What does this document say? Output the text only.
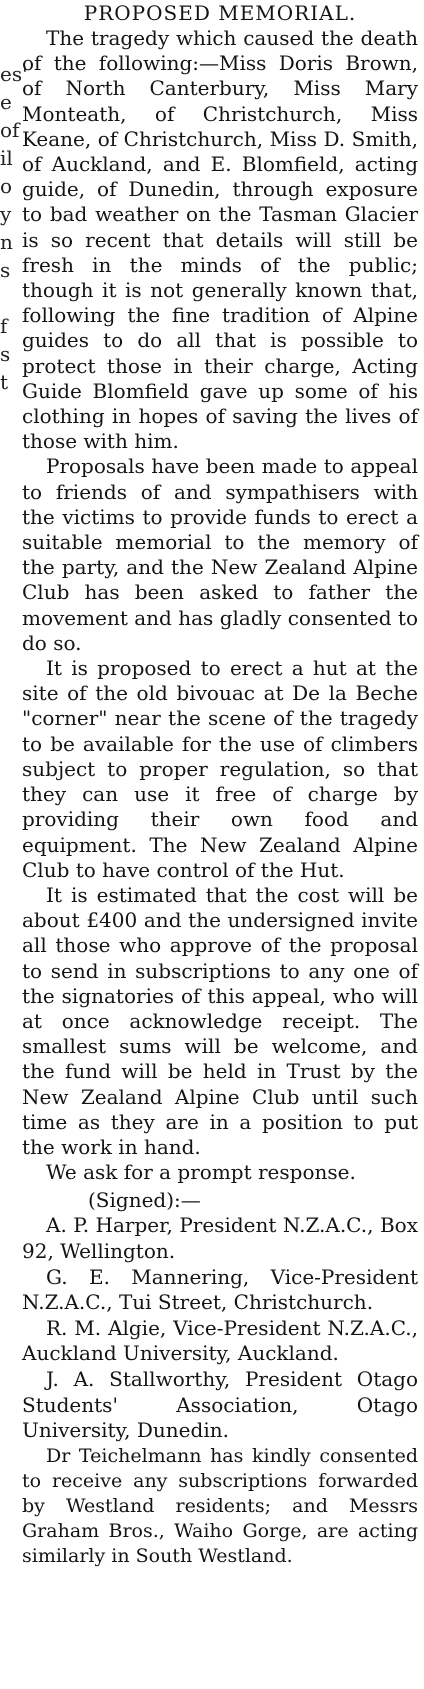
es'
e
of
il
o
y
n
s
f
s
t
PROPOSED MEMORIAL.

The tragedy which caused the death of the following:—Miss Doris Brown, of North Canterbury, Miss Mary Monteath, of Christchurch, Miss Keane, of Christchurch, Miss D. Smith, of Auckland, and E. Blomfield, acting guide, of Dunedin, through exposure to bad weather on the Tasman Glacier is so recent that details will still be fresh in the minds of the public; though it is not generally known that, following the fine tradition of Alpine guides to do all that is possible to protect those in their charge, Acting Guide Blomfield gave up some of his clothing in hopes of saving the lives of those with him.

Proposals have been made to appeal to friends of and sympathisers with the victims to provide funds to erect a suitable memorial to the memory of the party, and the New Zealand Alpine Club has been asked to father the movement and has gladly consented to do so.

It is proposed to erect a hut at the site of the old bivouac at De la Beche "corner" near the scene of the tragedy to be available for the use of climbers subject to proper regulation, so that they can use it free of charge by providing their own food and equipment. The New Zealand Alpine Club to have control of the Hut.

It is estimated that the cost will be about £400 and the undersigned invite all those who approve of the proposal to send in subscriptions to any one of the signatories of this appeal, who will at once acknowledge receipt. The smallest sums will be welcome, and the fund will be held in Trust by the New Zealand Alpine Club until such time as they are in a position to put the work in hand.

We ask for a prompt response.

(Signed):—

A. P. Harper, President N.Z.A.C., Box 92, Wellington.

G. E. Mannering, Vice-President N.Z.A.C., Tui Street, Christchurch.

R. M. Algie, Vice-President N.Z.A.C., Auckland University, Auckland.

J. A. Stallworthy, President Otago Students' Association, Otago University, Dunedin.

Dr Teichelmann has kindly consented to receive any subscriptions forwarded by Westland residents; and Messrs Graham Bros., Waiho Gorge, are acting similarly in South Westland.
